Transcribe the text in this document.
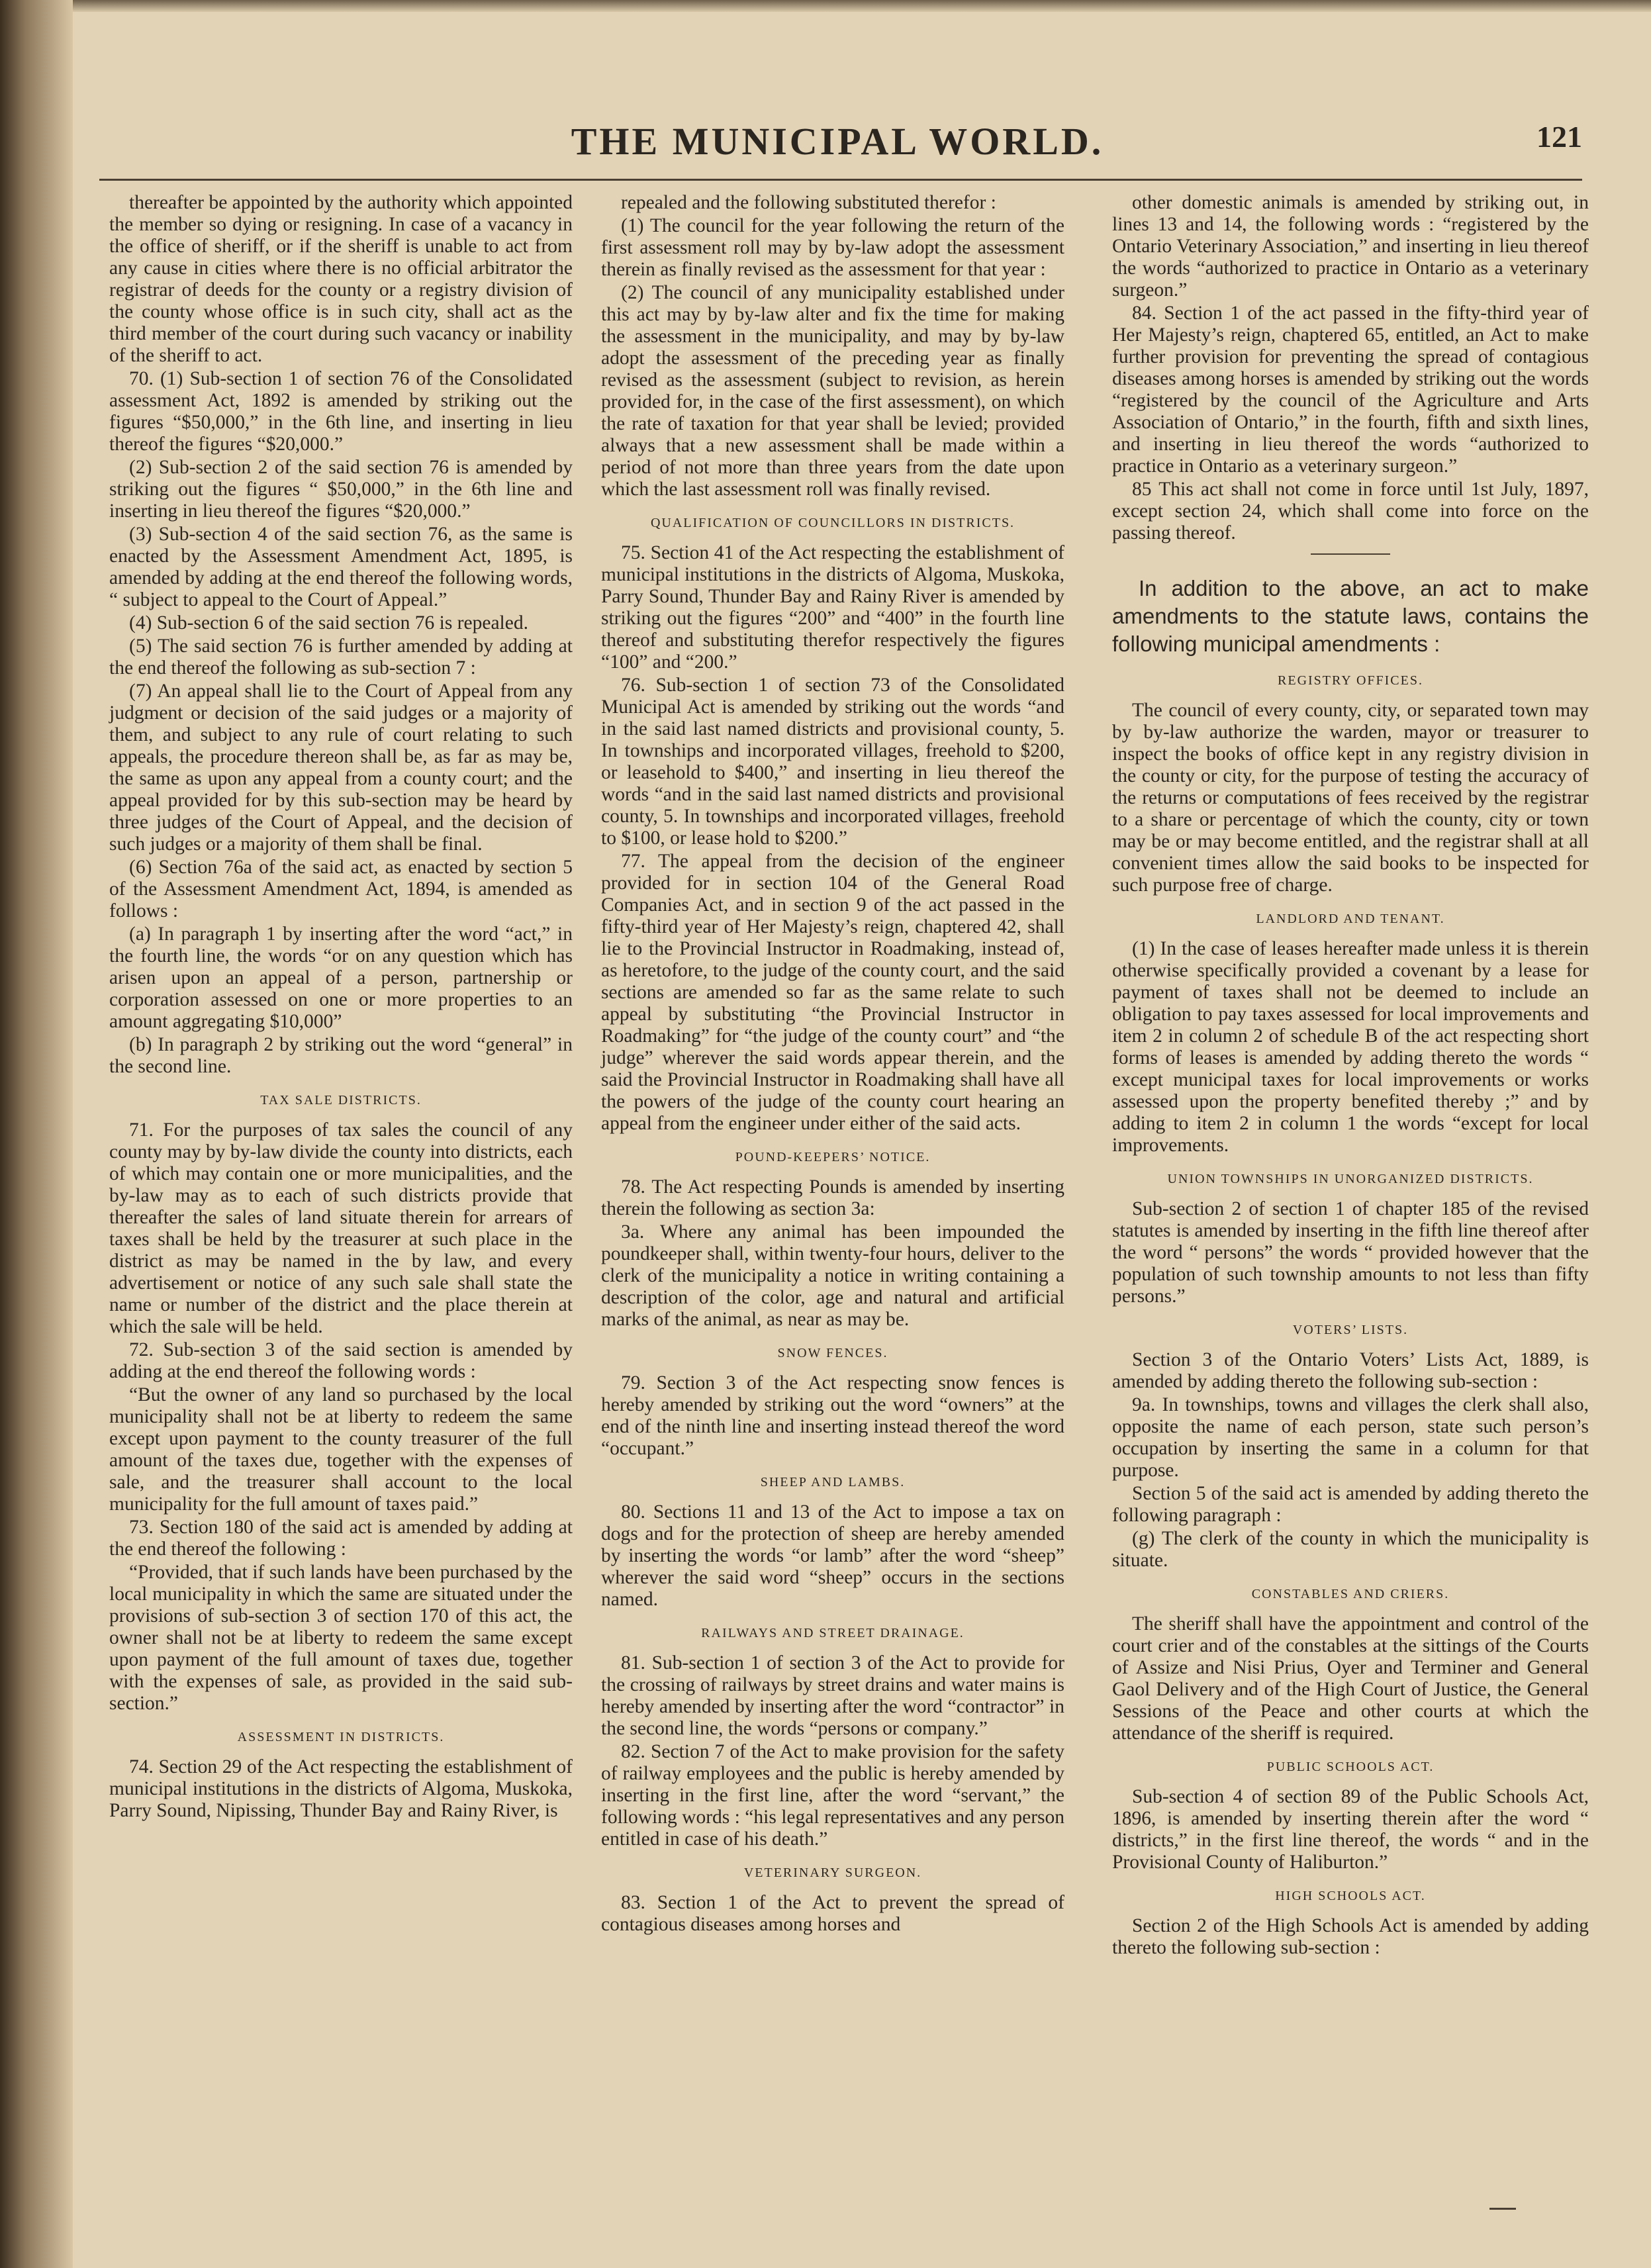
THE MUNICIPAL WORLD.	121

thereafter be appointed by the authority which appointed the member so dying or resigning. In case of a vacancy in the office of sheriff, or if the sheriff is unable to act from any cause in cities where there is no official arbitrator the registrar of deeds for the county or a registry division of the county whose office is in such city, shall act as the third member of the court during such vacancy or inability of the sheriff to act.

70. (1) Sub-section 1 of section 76 of the Consolidated assessment Act, 1892 is amended by striking out the figures “$50,000,” in the 6th line, and inserting in lieu thereof the figures “$20,000.”

(2) Sub-section 2 of the said section 76 is amended by striking out the figures “ $50,000,” in the 6th line and inserting in lieu thereof the figures “$20,000.”

(3) Sub-section 4 of the said section 76, as the same is enacted by the Assessment Amendment Act, 1895, is amended by adding at the end thereof the following words, “ subject to appeal to the Court of Appeal.”

(4) Sub-section 6 of the said section 76 is repealed.

(5) The said section 76 is further amended by adding at the end thereof the following as sub-section 7 :

(7) An appeal shall lie to the Court of Appeal from any judgment or decision of the said judges or a majority of them, and subject to any rule of court relating to such appeals, the procedure thereon shall be, as far as may be, the same as upon any appeal from a county court; and the appeal provided for by this sub-section may be heard by three judges of the Court of Appeal, and the decision of such judges or a majority of them shall be final.

(6) Section 76a of the said act, as enacted by section 5 of the Assessment Amendment Act, 1894, is amended as follows :

(a) In paragraph 1 by inserting after the word “act,” in the fourth line, the words “or on any question which has arisen upon an appeal of a person, partnership or corporation assessed on one or more properties to an amount aggregating $10,000”

(b) In paragraph 2 by striking out the word “general” in the second line.

TAX SALE DISTRICTS.

71. For the purposes of tax sales the council of any county may by by-law divide the county into districts, each of which may contain one or more municipalities, and the by-law may as to each of such districts provide that thereafter the sales of land situate therein for arrears of taxes shall be held by the treasurer at such place in the district as may be named in the by law, and every advertisement or notice of any such sale shall state the name or number of the district and the place therein at which the sale will be held.

72. Sub-section 3 of the said section is amended by adding at the end thereof the following words :

“But the owner of any land so purchased by the local municipality shall not be at liberty to redeem the same except upon payment to the county treasurer of the full amount of the taxes due, together with the expenses of sale, and the treasurer shall account to the local municipality for the full amount of taxes paid.”

73. Section 180 of the said act is amended by adding at the end thereof the following :

“Provided, that if such lands have been purchased by the local municipality in which the same are situated under the provisions of sub-section 3 of section 170 of this act, the owner shall not be at liberty to redeem the same except upon payment of the full amount of taxes due, together with the expenses of sale, as provided in the said sub-section.”

ASSESSMENT IN DISTRICTS.

74. Section 29 of the Act respecting the establishment of municipal institutions in the districts of Algoma, Muskoka, Parry Sound, Nipissing, Thunder Bay and Rainy River, is

repealed and the following substituted therefor :

(1) The council for the year following the return of the first assessment roll may by by-law adopt the assessment therein as finally revised as the assessment for that year :

(2) The council of any municipality established under this act may by by-law alter and fix the time for making the assessment in the municipality, and may by by-law adopt the assessment of the preceding year as finally revised as the assessment (subject to revision, as herein provided for, in the case of the first assessment), on which the rate of taxation for that year shall be levied; provided always that a new assessment shall be made within a period of not more than three years from the date upon which the last assessment roll was finally revised.

QUALIFICATION OF COUNCILLORS IN DISTRICTS.

75. Section 41 of the Act respecting the establishment of municipal institutions in the districts of Algoma, Muskoka, Parry Sound, Thunder Bay and Rainy River is amended by striking out the figures “200” and “400” in the fourth line thereof and substituting therefor respectively the figures “100” and “200.”

76. Sub-section 1 of section 73 of the Consolidated Municipal Act is amended by striking out the words “and in the said last named districts and provisional county, 5. In townships and incorporated villages, freehold to $200, or leasehold to $400,” and inserting in lieu thereof the words “and in the said last named districts and provisional county, 5. In townships and incorporated villages, freehold to $100, or lease hold to $200.”

77. The appeal from the decision of the engineer provided for in section 104 of the General Road Companies Act, and in section 9 of the act passed in the fifty-third year of Her Majesty’s reign, chaptered 42, shall lie to the Provincial Instructor in Roadmaking, instead of, as heretofore, to the judge of the county court, and the said sections are amended so far as the same relate to such appeal by substituting “the Provincial Instructor in Roadmaking” for “the judge of the county court” and “the judge” wherever the said words appear therein, and the said the Provincial Instructor in Roadmaking shall have all the powers of the judge of the county court hearing an appeal from the engineer under either of the said acts.

POUND-KEEPERS’ NOTICE.

78. The Act respecting Pounds is amended by inserting therein the following as section 3a:

3a. Where any animal has been impounded the poundkeeper shall, within twenty-four hours, deliver to the clerk of the municipality a notice in writing containing a description of the color, age and natural and artificial marks of the animal, as near as may be.

SNOW FENCES.

79. Section 3 of the Act respecting snow fences is hereby amended by striking out the word “owners” at the end of the ninth line and inserting instead thereof the word “occupant.”

SHEEP AND LAMBS.

80. Sections 11 and 13 of the Act to impose a tax on dogs and for the protection of sheep are hereby amended by inserting the words “or lamb” after the word “sheep” wherever the said word “sheep” occurs in the sections named.

RAILWAYS AND STREET DRAINAGE.

81. Sub-section 1 of section 3 of the Act to provide for the crossing of railways by street drains and water mains is hereby amended by inserting after the word “contractor” in the second line, the words “persons or company.”

82. Section 7 of the Act to make provision for the safety of railway employees and the public is hereby amended by inserting in the first line, after the word “servant,” the following words : “his legal representatives and any person entitled in case of his death.”

VETERINARY SURGEON.

83. Section 1 of the Act to prevent the spread of contagious diseases among horses and

other domestic animals is amended by striking out, in lines 13 and 14, the following words : “registered by the Ontario Veterinary Association,” and inserting in lieu thereof the words “authorized to practice in Ontario as a veterinary surgeon.”

84. Section 1 of the act passed in the fifty-third year of Her Majesty’s reign, chaptered 65, entitled, an Act to make further provision for preventing the spread of contagious diseases among horses is amended by striking out the words “registered by the council of the Agriculture and Arts Association of Ontario,” in the fourth, fifth and sixth lines, and inserting in lieu thereof the words “authorized to practice in Ontario as a veterinary surgeon.”

85 This act shall not come in force until 1st July, 1897, except section 24, which shall come into force on the passing thereof.

In addition to the above, an act to make amendments to the statute laws, contains the following municipal amendments :

REGISTRY OFFICES.

The council of every county, city, or separated town may by by-law authorize the warden, mayor or treasurer to inspect the books of office kept in any registry division in the county or city, for the purpose of testing the accuracy of the returns or computations of fees received by the registrar to a share or percentage of which the county, city or town may be or may become entitled, and the registrar shall at all convenient times allow the said books to be inspected for such purpose free of charge.

LANDLORD AND TENANT.

(1) In the case of leases hereafter made unless it is therein otherwise specifically provided a covenant by a lease for payment of taxes shall not be deemed to include an obligation to pay taxes assessed for local improvements and item 2 in column 2 of schedule B of the act respecting short forms of leases is amended by adding thereto the words “ except municipal taxes for local improvements or works assessed upon the property benefited thereby ;” and by adding to item 2 in column 1 the words “except for local improvements.

UNION TOWNSHIPS IN UNORGANIZED DISTRICTS.

Sub-section 2 of section 1 of chapter 185 of the revised statutes is amended by inserting in the fifth line thereof after the word “ persons” the words “ provided however that the population of such township amounts to not less than fifty persons.”

VOTERS’ LISTS.

Section 3 of the Ontario Voters’ Lists Act, 1889, is amended by adding thereto the following sub-section :

9a. In townships, towns and villages the clerk shall also, opposite the name of each person, state such person’s occupation by inserting the same in a column for that purpose.

Section 5 of the said act is amended by adding thereto the following paragraph :

(g) The clerk of the county in which the municipality is situate.

CONSTABLES AND CRIERS.

The sheriff shall have the appointment and control of the court crier and of the constables at the sittings of the Courts of Assize and Nisi Prius, Oyer and Terminer and General Gaol Delivery and of the High Court of Justice, the General Sessions of the Peace and other courts at which the attendance of the sheriff is required.

PUBLIC SCHOOLS ACT.

Sub-section 4 of section 89 of the Public Schools Act, 1896, is amended by inserting therein after the word “ districts,” in the first line thereof, the words “ and in the Provisional County of Haliburton.”

HIGH SCHOOLS ACT.

Section 2 of the High Schools Act is amended by adding thereto the following sub-section :
